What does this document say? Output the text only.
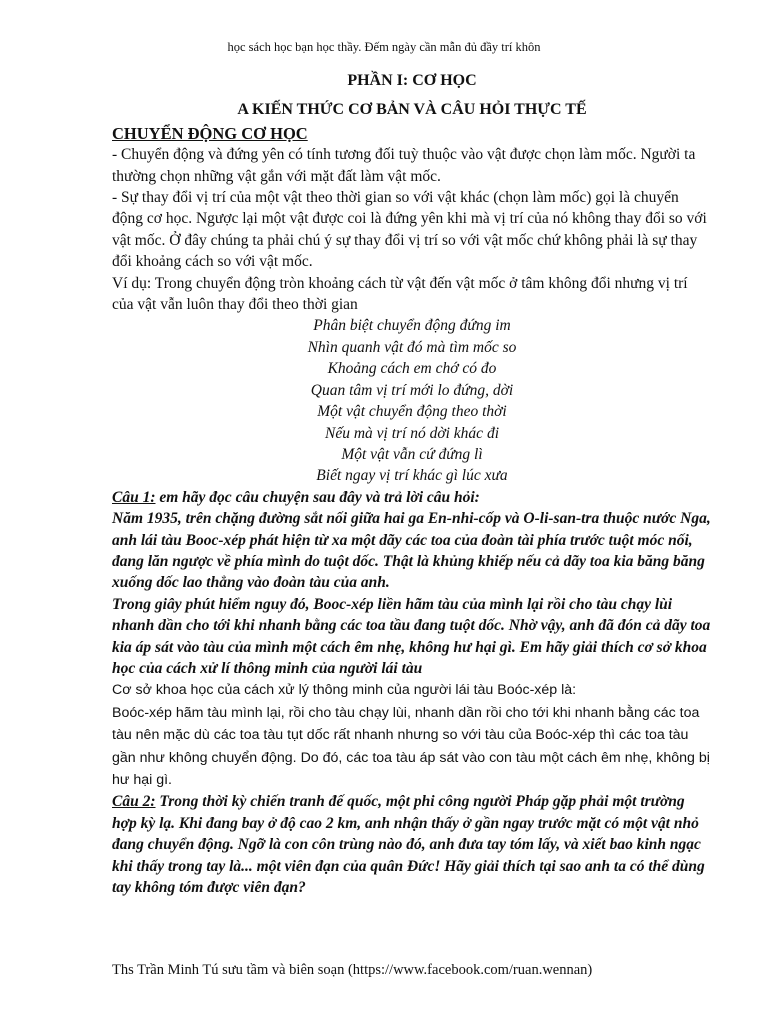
học sách học bạn học thầy. Đếm ngày cần mẫn đủ đầy trí khôn
PHẦN I: CƠ HỌC
A KIẾN THỨC CƠ BẢN VÀ CÂU HỎI THỰC TẾ
CHUYỂN ĐỘNG CƠ HỌC

- Chuyển động và đứng yên có tính tương đối tuỳ thuộc vào vật được chọn làm mốc. Người ta thường chọn những vật gắn với mặt đất làm vật mốc.

- Sự thay đổi vị trí của một vật theo thời gian so với vật khác (chọn làm mốc) gọi là chuyển động cơ học. Ngược lại một vật được coi là đứng yên khi mà vị trí của nó không thay đổi so với vật mốc. Ở đây chúng ta phải chú ý sự thay đổi vị trí so với vật mốc chứ không phải là sự thay đổi khoảng cách so với vật mốc.

Ví dụ: Trong chuyển động tròn khoảng cách từ vật đến vật mốc ở tâm không đổi nhưng vị trí của vật vẫn luôn thay đổi theo thời gian

Phân biệt chuyển động đứng im

Nhìn quanh vật đó mà tìm mốc so

Khoảng cách em chớ có đo

Quan tâm vị trí mới lo đứng, dời

Một vật chuyển động theo thời

Nếu mà vị trí nó dời khác đi

Một vật vẫn cứ đứng lì

Biết ngay vị trí khác gì lúc xưa

Câu 1: em hãy đọc câu chuyện sau đây và trả lời câu hỏi:

Năm 1935, trên chặng đường sắt nối giữa hai ga En-nhi-cốp và O-li-san-tra thuộc nước Nga, anh lái tàu Booc-xép phát hiện từ xa một dãy các toa của đoàn tài phía trước tuột móc nối, đang lăn ngược về phía mình do tuột dốc. Thật là khủng khiếp nếu cả dãy toa kia băng băng xuống dốc lao thẳng vào đoàn tàu của anh.

Trong giây phút hiểm nguy đó, Booc-xép liền hãm tàu của mình lại rồi cho tàu chạy lùi nhanh dần cho tới khi nhanh bằng các toa tầu đang tuột dốc. Nhờ vậy, anh đã đón cả dãy toa kia áp sát vào tàu của mình một cách êm nhẹ, không hư hại gì. Em hãy giải thích cơ sở khoa học của cách xử lí thông minh của người lái tàu

Cơ sở khoa học của cách xử lý thông minh của người lái tàu Boóc-xép là:

Boóc-xép hãm tàu mình lại, rồi cho tàu chạy lùi, nhanh dần rồi cho tới khi nhanh bằng các toa tàu nên mặc dù các toa tàu tụt dốc rất nhanh nhưng so với tàu của Boóc-xép thì các toa tàu gần như không chuyển động. Do đó, các toa tàu áp sát vào con tàu một cách êm nhẹ, không bị hư hại gì.

Câu 2: Trong thời kỳ chiến tranh đế quốc, một phi công người Pháp gặp phải một trường hợp kỳ lạ. Khi đang bay ở độ cao 2 km, anh nhận thấy ở gần ngay trước mặt có một vật nhỏ đang chuyển động. Ngỡ là con côn trùng nào đó, anh đưa tay tóm lấy, và xiết bao kinh ngạc khi thấy trong tay là... một viên đạn của quân Đức! Hãy giải thích tại sao anh ta có thể dùng tay không tóm được viên đạn?

Ths Trần Minh Tú sưu tầm và biên soạn (https://www.facebook.com/ruan.wennan)
